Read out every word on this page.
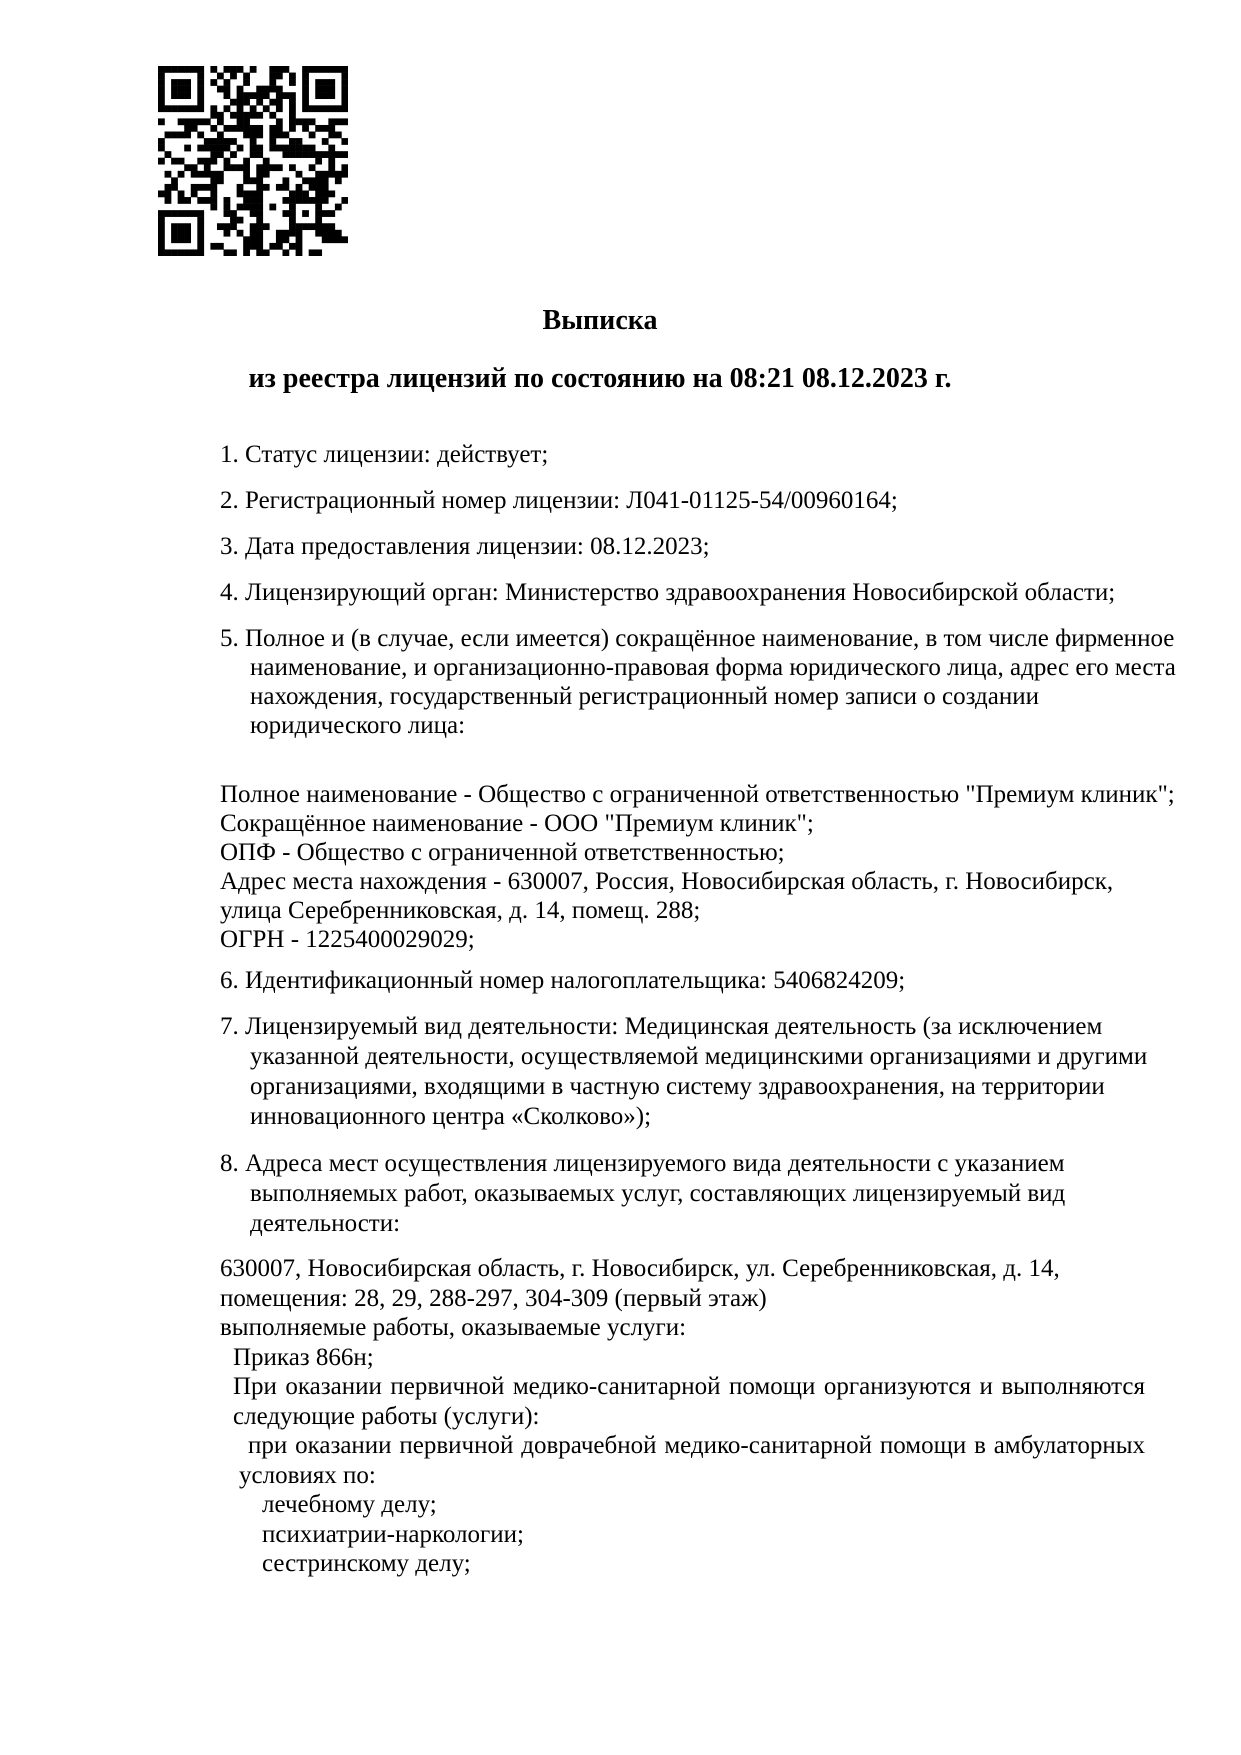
Выписка
из реестра лицензий по состоянию на 08:21 08.12.2023 г.
1. Статус лицензии: действует;
2. Регистрационный номер лицензии: Л041-01125-54/00960164;
3. Дата предоставления лицензии: 08.12.2023;
4. Лицензирующий орган: Министерство здравоохранения Новосибирской области;
5. Полное и (в случае, если имеется) сокращённое наименование, в том числе фирменное
наименование, и организационно-правовая форма юридического лица, адрес его места
нахождения, государственный регистрационный номер записи о создании
юридического лица:
Полное наименование - Общество с ограниченной ответственностью "Премиум клиник";
Сокращённое наименование - ООО "Премиум клиник";
ОПФ - Общество с ограниченной ответственностью;
Адрес места нахождения - 630007, Россия, Новосибирская область, г. Новосибирск,
улица Серебренниковская, д. 14, помещ. 288;
ОГРН - 1225400029029;
6. Идентификационный номер налогоплательщика: 5406824209;
7. Лицензируемый вид деятельности: Медицинская деятельность (за исключением
указанной деятельности, осуществляемой медицинскими организациями и другими
организациями, входящими в частную систему здравоохранения, на территории
инновационного центра «Сколково»);
8. Адреса мест осуществления лицензируемого вида деятельности с указанием
выполняемых работ, оказываемых услуг, составляющих лицензируемый вид
деятельности:
630007, Новосибирская область, г. Новосибирск, ул. Серебренниковская, д. 14,
помещения: 28, 29, 288-297, 304-309 (первый этаж)
выполняемые работы, оказываемые услуги:
Приказ 866н;
При оказании первичной медико-санитарной помощи организуются и выполняются
следующие работы (услуги):
при оказании первичной доврачебной медико-санитарной помощи в амбулаторных
условиях по:
лечебному делу;
психиатрии-наркологии;
сестринскому делу;
